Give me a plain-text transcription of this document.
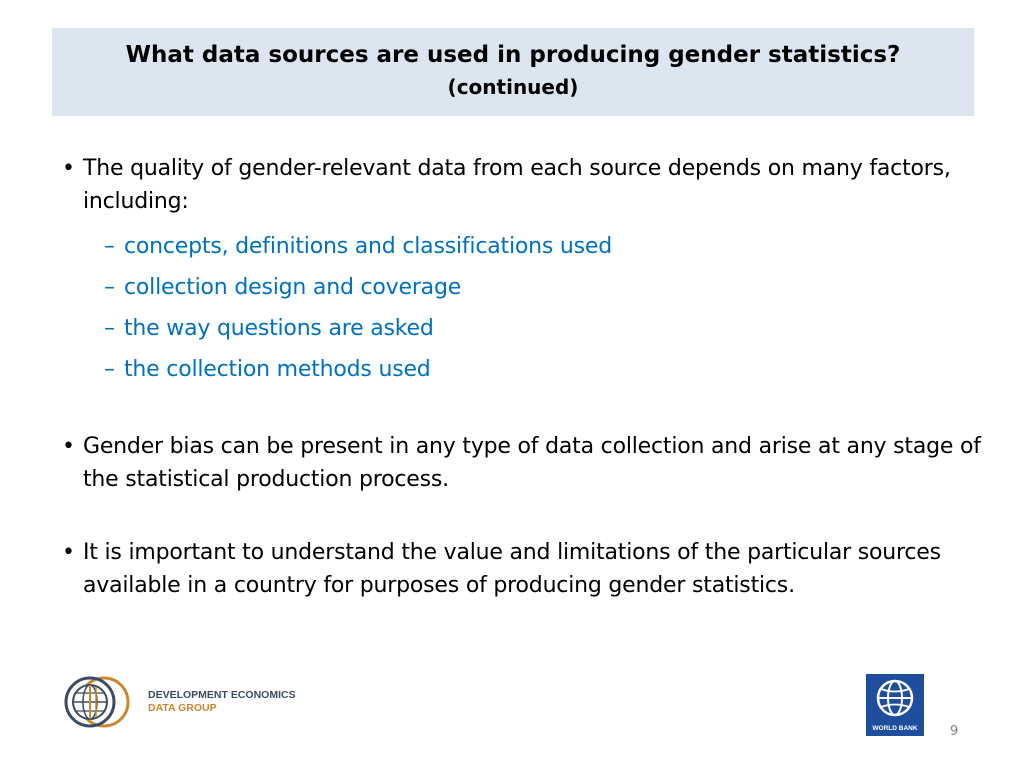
What data sources are used in producing gender statistics?
(continued)
• The quality of gender-relevant data from each source depends on many factors, including:
– concepts, definitions and classifications used
– collection design and coverage
– the way questions are asked
– the collection methods used
• Gender bias can be present in any type of data collection and arise at any stage of the statistical production process.
• It is important to understand the value and limitations of the particular sources available in a country for purposes of producing gender statistics.
DEVELOPMENT ECONOMICS
DATA GROUP
WORLD BANK	9
